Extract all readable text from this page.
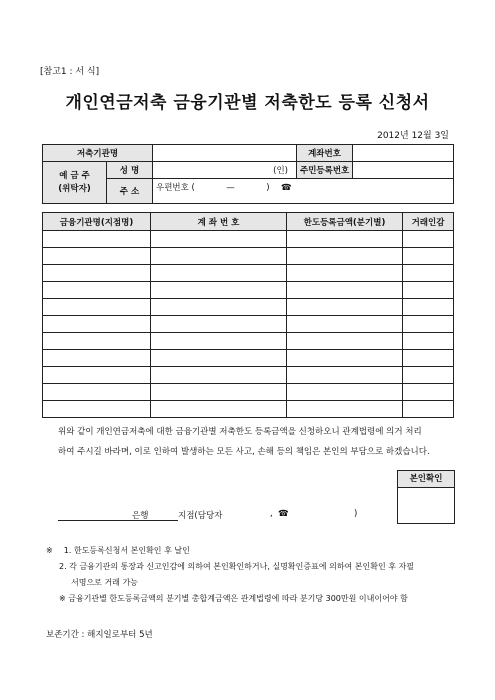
[참고1 : 서 식]
개인연금저축 금융기관별 저축한도 등록 신청서
2012년 12월 3일
저축기관명			계좌번호		

예 금 주
(위탁자)	성 명	(인)	주민등록번호		
	주 소	우편번호 ( — ) ☎			
금융기관명(지점명)	계 좌 번 호	한도등록금액(분기별)	거래인감

위와 같이 개인연금저축에 대한 금융기관별 저축한도 등록금액을 신청하오니 관계법령에 의거 처리
하여 주시길 바라며, 이로 인하여 발생하는 모든 사고, 손해 등의 책임은 본인의 부담으로 하겠습니다.
본인확인
은행	지점(담당자	, ☎	)
※ 1. 한도등록신청서 본인확인 후 날인
2. 각 금융기관의 통장과 신고인감에 의하여 본인확인하거나, 실명확인증표에 의하여 본인확인 후 자필
서명으로 거래 가능
※ 금융기관별 한도등록금액의 분기별 총합계금액은 관계법령에 따라 분기당 300만원 이내이어야 함
보존기간 : 해지일로부터 5년
